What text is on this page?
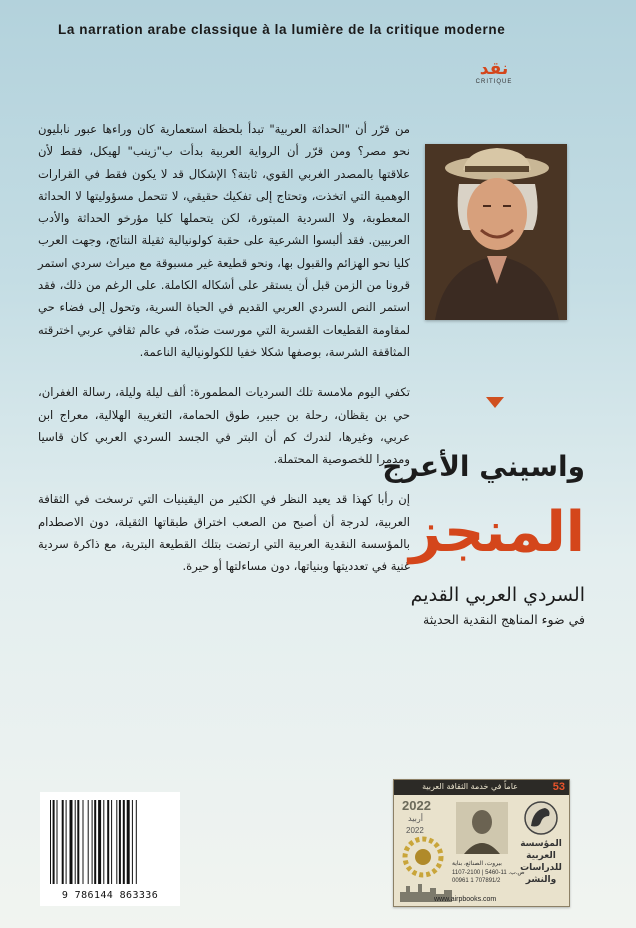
La narration arabe classique à la lumière de la critique moderne
نقد
CRITIQUE

من قرّر أن "الحداثة العربية" تبدأ بلحظة استعمارية كان وراءها عبور نابليون نحو مصر؟ ومن قرّر أن الرواية العربية بدأت ب"زينب" لهيكل، فقط لأن علاقتها بالمصدر الغربي القوي، ثابتة؟ الإشكال قد لا يكون فقط في القرارات الوهمية التي اتخذت، وتحتاج إلى تفكيك حقيقي، لا تتحمل مسؤوليتها لا الحداثة المعطوبة، ولا السردية المبتورة، لكن يتحملها كليا مؤرخو الحداثة والأدب العربيين. فقد ألبسوا الشرعية على حقبة كولونيالية ثقيلة النتائج، وجهت العرب كليا نحو الهزائم والقبول بها، ونحو قطيعة غير مسبوقة مع ميراث سردي استمر قرونا من الزمن قبل أن يستقر على أشكاله الكاملة. على الرغم من ذلك، فقد استمر النص السردي العربي القديم في الحياة السرية، وتحول إلى فضاء حي لمقاومة القطيعات القسرية التي مورست ضدّه، في عالم ثقافي عربي اخترقته المثاقفة الشرسة، بوصفها شكلا خفيا للكولونيالية الناعمة.

تكفي اليوم ملامسة تلك السرديات المطمورة: ألف ليلة وليلة، رسالة الغفران، حي بن يقظان، رحلة بن جبير، طوق الحمامة، التغريبة الهلالية، معراج ابن عربي، وغيرها، لندرك كم أن البتر في الجسد السردي العربي كان قاسيا ومدمرا للخصوصية المحتملة.

إن رأبا كهذا قد يعيد النظر في الكثير من اليقينيات التي ترسخت في الثقافة العربية، لدرجة أن أصبح من الصعب اختراق طبقاتها الثقيلة، دون الاصطدام بالمؤسسة النقدية العربية التي ارتضت بتلك القطيعة البترية، مع ذاكرة سردية غنية في تعدديتها وبنياتها، دون مساءلتها أو حيرة.

واسيني الأعرج
المنجز
السردي العربي القديم
في ضوء المناهج النقدية الحديثة
9 786144 863336
53
عاماً في خدمة الثقافة العربية
2022
أربيد
2022
بيروت، الصنائع، بناية
ص.ب. 11-5460 | 2100-1107
00961 1 707891/2
المؤسسة العربية للدراسات والنشر
www.airpbooks.com
